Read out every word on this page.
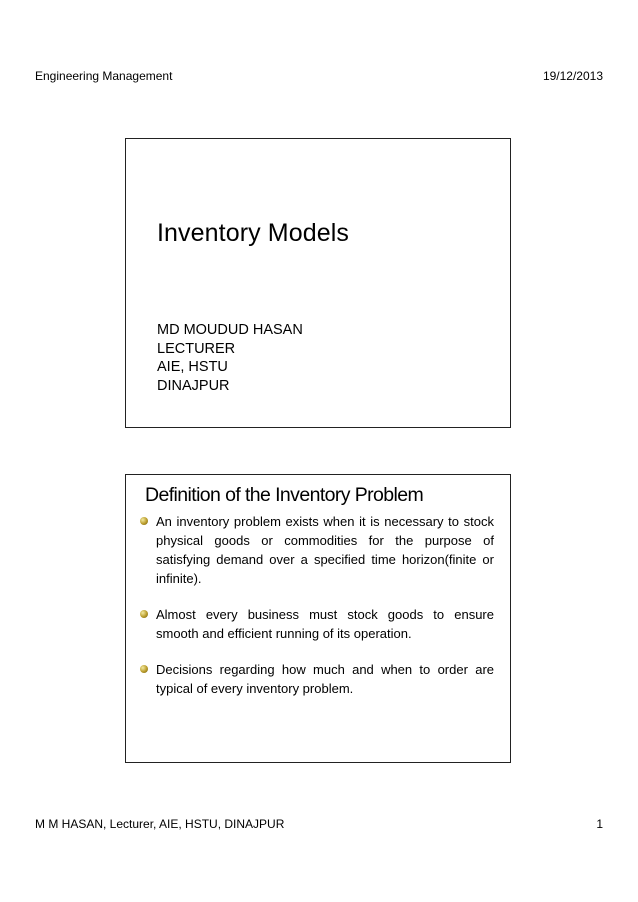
Engineering Management	19/12/2013
Inventory Models
MD MOUDUD HASAN
LECTURER
AIE, HSTU
DINAJPUR
Definition of the Inventory Problem
An inventory problem exists when it is necessary to stock physical goods or commodities for the purpose of satisfying demand over a specified time horizon(finite or infinite).
Almost every business must stock goods to ensure smooth and efficient running of its operation.
Decisions regarding how much and when to order are typical of every inventory problem.
M M HASAN, Lecturer, AIE, HSTU, DINAJPUR	1
